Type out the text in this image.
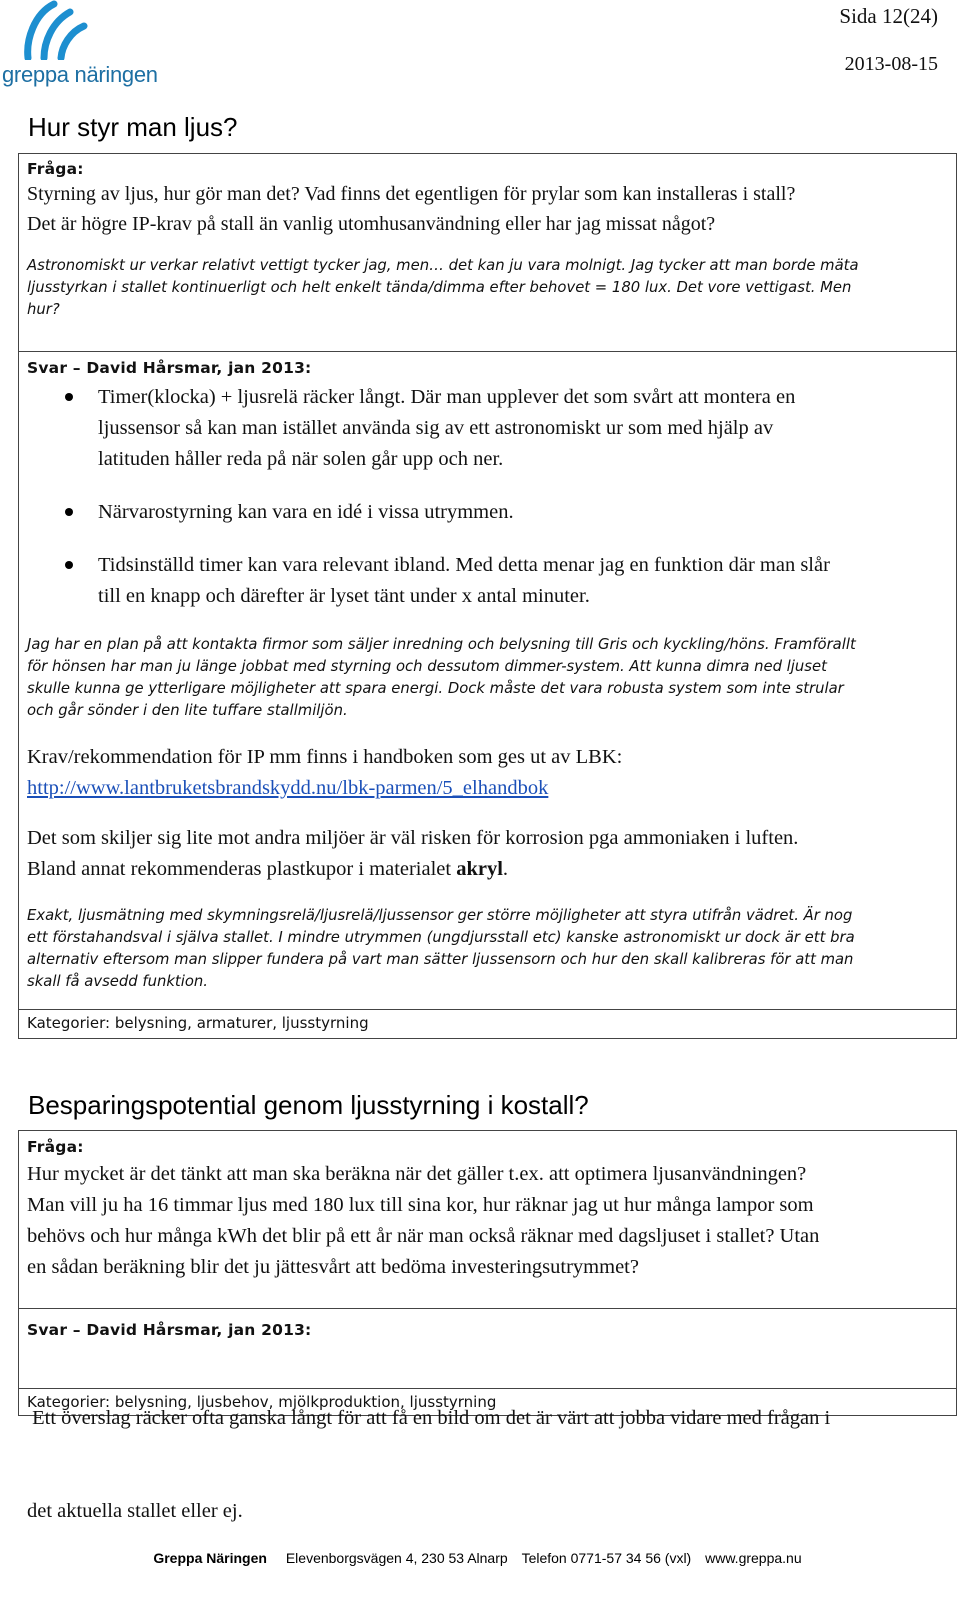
greppa näringen
Sida 12(24)
2013-08-15
Hur styr man ljus?
Fråga:
Styrning av ljus, hur gör man det? Vad finns det egentligen för prylar som kan installeras i stall?
Det är högre IP-krav på stall än vanlig utomhusanvändning eller har jag missat något?
Astronomiskt ur verkar relativt vettigt tycker jag, men… det kan ju vara molnigt. Jag tycker att man borde mäta
ljusstyrkan i stallet kontinuerligt och helt enkelt tända/dimma efter behovet = 180 lux. Det vore vettigast. Men
hur?
Svar – David Hårsmar, jan 2013:
Timer(klocka) + ljusrelä räcker långt. Där man upplever det som svårt att montera en
ljussensor så kan man istället använda sig av ett astronomiskt ur som med hjälp av
latituden håller reda på när solen går upp och ner.
Närvarostyrning kan vara en idé i vissa utrymmen.
Tidsinställd timer kan vara relevant ibland. Med detta menar jag en funktion där man slår
till en knapp och därefter är lyset tänt under x antal minuter.
Jag har en plan på att kontakta firmor som säljer inredning och belysning till Gris och kyckling/höns. Framförallt
för hönsen har man ju länge jobbat med styrning och dessutom dimmer-system. Att kunna dimra ned ljuset
skulle kunna ge ytterligare möjligheter att spara energi. Dock måste det vara robusta system som inte strular
och går sönder i den lite tuffare stallmiljön.
Krav/rekommendation för IP mm finns i handboken som ges ut av LBK:
http://www.lantbruketsbrandskydd.nu/lbk-parmen/5_elhandbok
Det som skiljer sig lite mot andra miljöer är väl risken för korrosion pga ammoniaken i luften.
Bland annat rekommenderas plastkupor i materialet akryl.
Exakt, ljusmätning med skymningsrelä/ljusrelä/ljussensor ger större möjligheter att styra utifrån vädret. Är nog
ett förstahandsval i själva stallet. I mindre utrymmen (ungdjursstall etc) kanske astronomiskt ur dock är ett bra
alternativ eftersom man slipper fundera på vart man sätter ljussensorn och hur den skall kalibreras för att man
skall få avsedd funktion.
Kategorier: belysning, armaturer, ljusstyrning
Besparingspotential genom ljusstyrning i kostall?
Fråga:
Hur mycket är det tänkt att man ska beräkna när det gäller t.ex. att optimera ljusanvändningen?
Man vill ju ha 16 timmar ljus med 180 lux till sina kor, hur räknar jag ut hur många lampor som
behövs och hur många kWh det blir på ett år när man också räknar med dagsljuset i stallet? Utan
en sådan beräkning blir det ju jättesvårt att bedöma investeringsutrymmet?
Svar – David Hårsmar, jan 2013:

Ett överslag räcker ofta ganska långt för att få en bild om det är värt att jobba vidare med frågan i

det aktuella stallet eller ej.

Kategorier: belysning, ljusbehov, mjölkproduktion, ljusstyrning
Greppa Näringen Elevenborgsvägen 4, 230 53 Alnarp Telefon 0771-57 34 56 (vxl) www.greppa.nu
